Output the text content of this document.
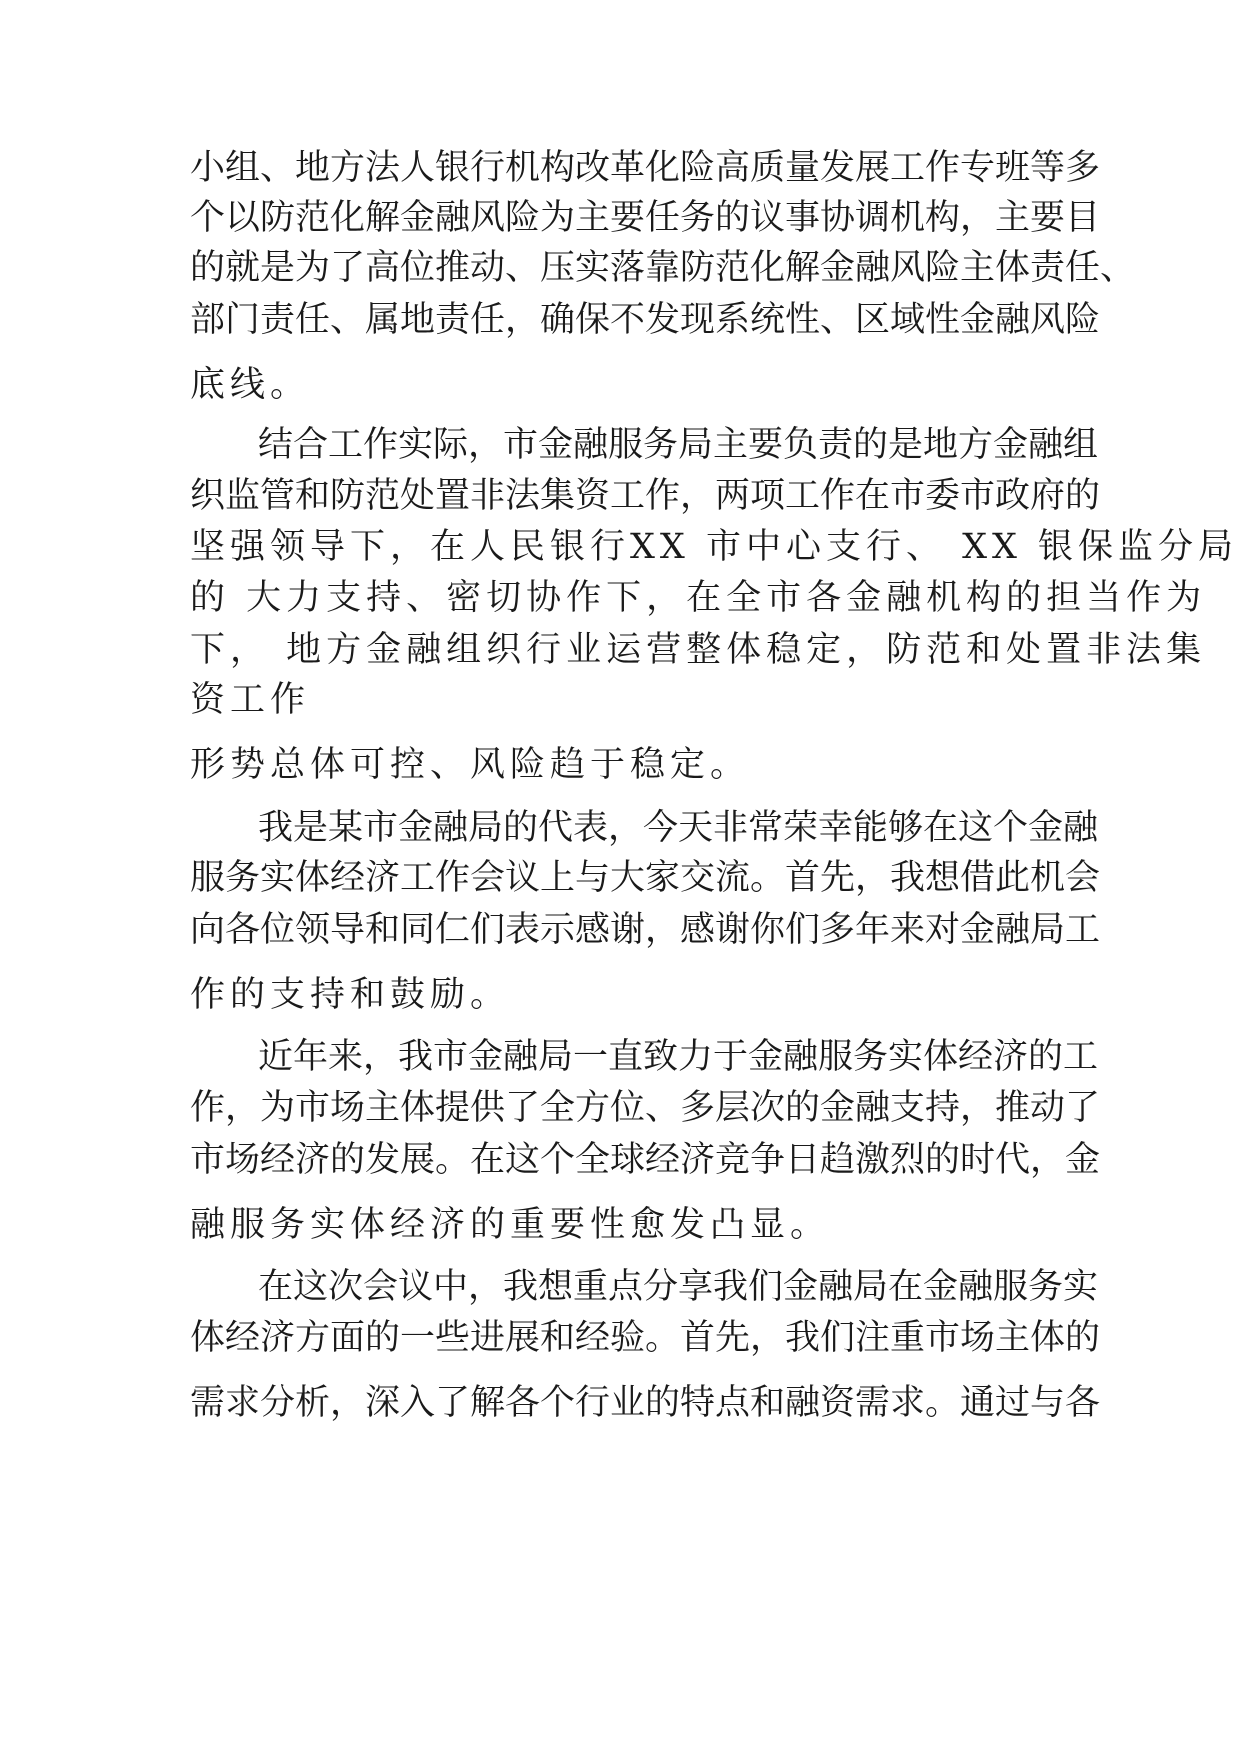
小组、地方法人银行机构改革化险高质量发展工作专班等多
个以防范化解金融风险为主要任务的议事协调机构，主要目
的就是为了高位推动、压实落靠防范化解金融风险主体责任、
部门责任、属地责任，确保不发现系统性、区域性金融风险
底线。
结合工作实际，市金融服务局主要负责的是地方金融组
织监管和防范处置非法集资工作，两项工作在市委市政府的
坚强领导下，在人民银行XX 市中心支行、 XX 银保监分局
的 大力支持、密切协作下，在全市各金融机构的担当作为
下， 地方金融组织行业运营整体稳定，防范和处置非法集
资工作
形势总体可控、风险趋于稳定。
我是某市金融局的代表，今天非常荣幸能够在这个金融
服务实体经济工作会议上与大家交流。首先，我想借此机会
向各位领导和同仁们表示感谢，感谢你们多年来对金融局工
作的支持和鼓励。
近年来，我市金融局一直致力于金融服务实体经济的工
作，为市场主体提供了全方位、多层次的金融支持，推动了
市场经济的发展。在这个全球经济竞争日趋激烈的时代，金
融服务实体经济的重要性愈发凸显。
在这次会议中，我想重点分享我们金融局在金融服务实
体经济方面的一些进展和经验。首先，我们注重市场主体的
需求分析，深入了解各个行业的特点和融资需求。通过与各
